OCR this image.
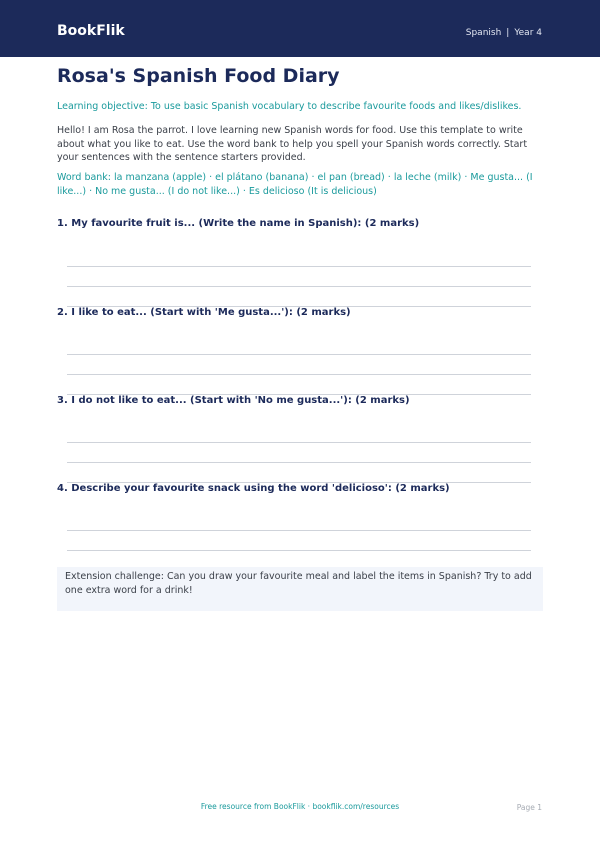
BookFlik	Spanish | Year 4
Rosa's Spanish Food Diary
Learning objective: To use basic Spanish vocabulary to describe favourite foods and likes/dislikes.
Hello! I am Rosa the parrot. I love learning new Spanish words for food. Use this template to write about what you like to eat. Use the word bank to help you spell your Spanish words correctly. Start your sentences with the sentence starters provided.
Word bank: la manzana (apple) · el plátano (banana) · el pan (bread) · la leche (milk) · Me gusta... (I like...) · No me gusta... (I do not like...) · Es delicioso (It is delicious)
1. My favourite fruit is... (Write the name in Spanish): (2 marks)
2. I like to eat... (Start with 'Me gusta...'): (2 marks)
3. I do not like to eat... (Start with 'No me gusta...'): (2 marks)
4. Describe your favourite snack using the word 'delicioso': (2 marks)
Extension challenge: Can you draw your favourite meal and label the items in Spanish? Try to add one extra word for a drink!
Free resource from BookFlik · bookflik.com/resources	Page 1
